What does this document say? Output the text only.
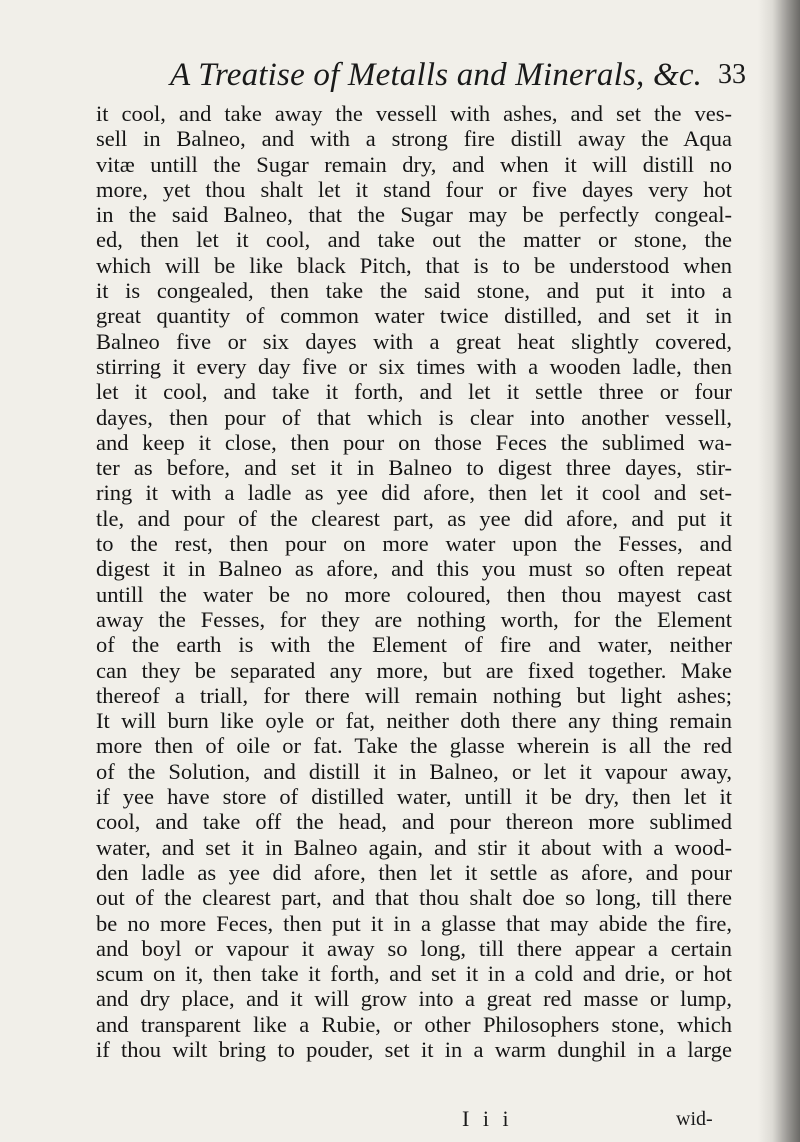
A Treatise of Metalls and Minerals, &c. 33
it cool, and take away the vessell with ashes, and set the ves-
sell in Balneo, and with a strong fire distill away the Aqua
vitæ untill the Sugar remain dry, and when it will distill no
more, yet thou shalt let it stand four or five dayes very hot
in the said Balneo, that the Sugar may be perfectly congeal-
ed, then let it cool, and take out the matter or stone, the
which will be like black Pitch, that is to be understood when
it is congealed, then take the said stone, and put it into a
great quantity of common water twice distilled, and set it in
Balneo five or six dayes with a great heat slightly covered,
stirring it every day five or six times with a wooden ladle, then
let it cool, and take it forth, and let it settle three or four
dayes, then pour of that which is clear into another vessell,
and keep it close, then pour on those Feces the sublimed wa-
ter as before, and set it in Balneo to digest three dayes, stir-
ring it with a ladle as yee did afore, then let it cool and set-
tle, and pour of the clearest part, as yee did afore, and put it
to the rest, then pour on more water upon the Fesses, and
digest it in Balneo as afore, and this you must so often repeat
untill the water be no more coloured, then thou mayest cast
away the Fesses, for they are nothing worth, for the Element
of the earth is with the Element of fire and water, neither
can they be separated any more, but are fixed together. Make
thereof a triall, for there will remain nothing but light ashes;
It will burn like oyle or fat, neither doth there any thing remain
more then of oile or fat. Take the glasse wherein is all the red
of the Solution, and distill it in Balneo, or let it vapour away,
if yee have store of distilled water, untill it be dry, then let it
cool, and take off the head, and pour thereon more sublimed
water, and set it in Balneo again, and stir it about with a wood-
den ladle as yee did afore, then let it settle as afore, and pour
out of the clearest part, and that thou shalt doe so long, till there
be no more Feces, then put it in a glasse that may abide the fire,
and boyl or vapour it away so long, till there appear a certain
scum on it, then take it forth, and set it in a cold and drie, or hot
and dry place, and it will grow into a great red masse or lump,
and transparent like a Rubie, or other Philosophers stone, which
if thou wilt bring to pouder, set it in a warm dunghil in a large
I i i	wid-
